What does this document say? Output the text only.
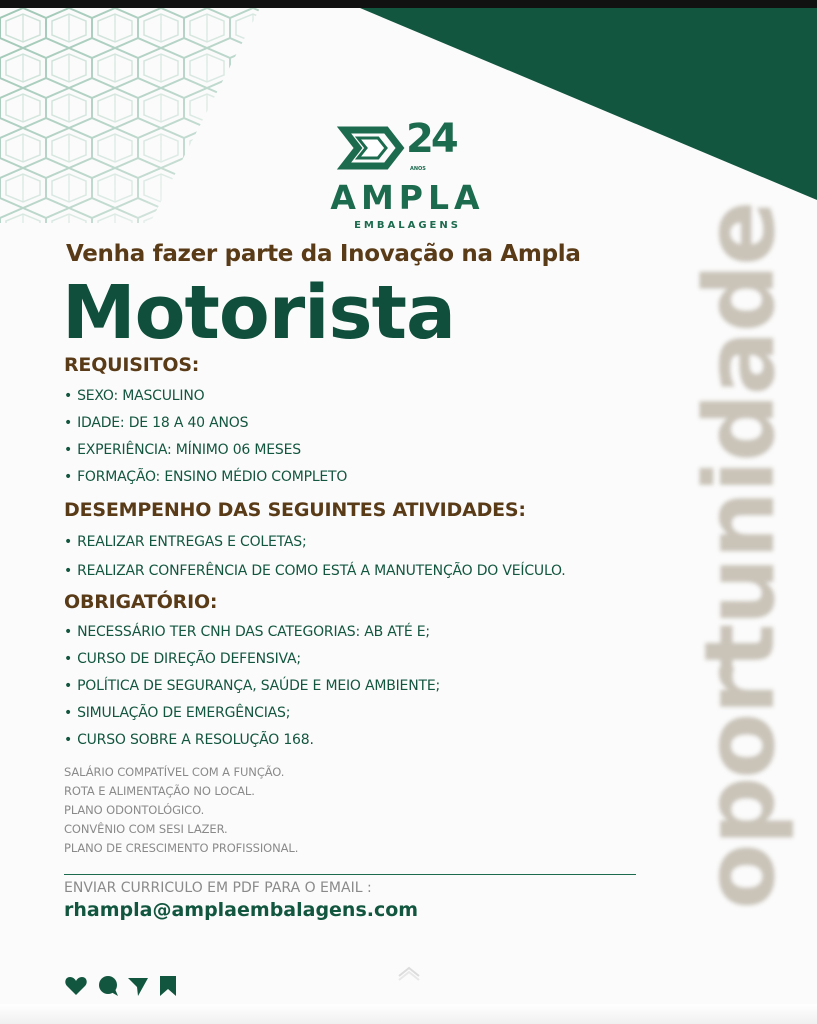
24
ANOS
AMPLA
EMBALAGENS
Venha fazer parte da Inovação na Ampla
Motorista
REQUISITOS:
• SEXO: MASCULINO
• IDADE: DE 18 A 40 ANOS
• EXPERIÊNCIA: MÍNIMO 06 MESES
• FORMAÇÃO: ENSINO MÉDIO COMPLETO
DESEMPENHO DAS SEGUINTES ATIVIDADES:
• REALIZAR ENTREGAS E COLETAS;
• REALIZAR CONFERÊNCIA DE COMO ESTÁ A MANUTENÇÃO DO VEÍCULO.
OBRIGATÓRIO:
• NECESSÁRIO TER CNH DAS CATEGORIAS: AB ATÉ E;
• CURSO DE DIREÇÃO DEFENSIVA;
• POLÍTICA DE SEGURANÇA, SAÚDE E MEIO AMBIENTE;
• SIMULAÇÃO DE EMERGÊNCIAS;
• CURSO SOBRE A RESOLUÇÃO 168.
SALÁRIO COMPATÍVEL COM A FUNÇÃO.
ROTA E ALIMENTAÇÃO NO LOCAL.
PLANO ODONTOLÓGICO.
CONVÊNIO COM SESI LAZER.
PLANO DE CRESCIMENTO PROFISSIONAL.
ENVIAR CURRICULO EM PDF PARA O EMAIL :
rhampla@amplaembalagens.com
oportunidade
